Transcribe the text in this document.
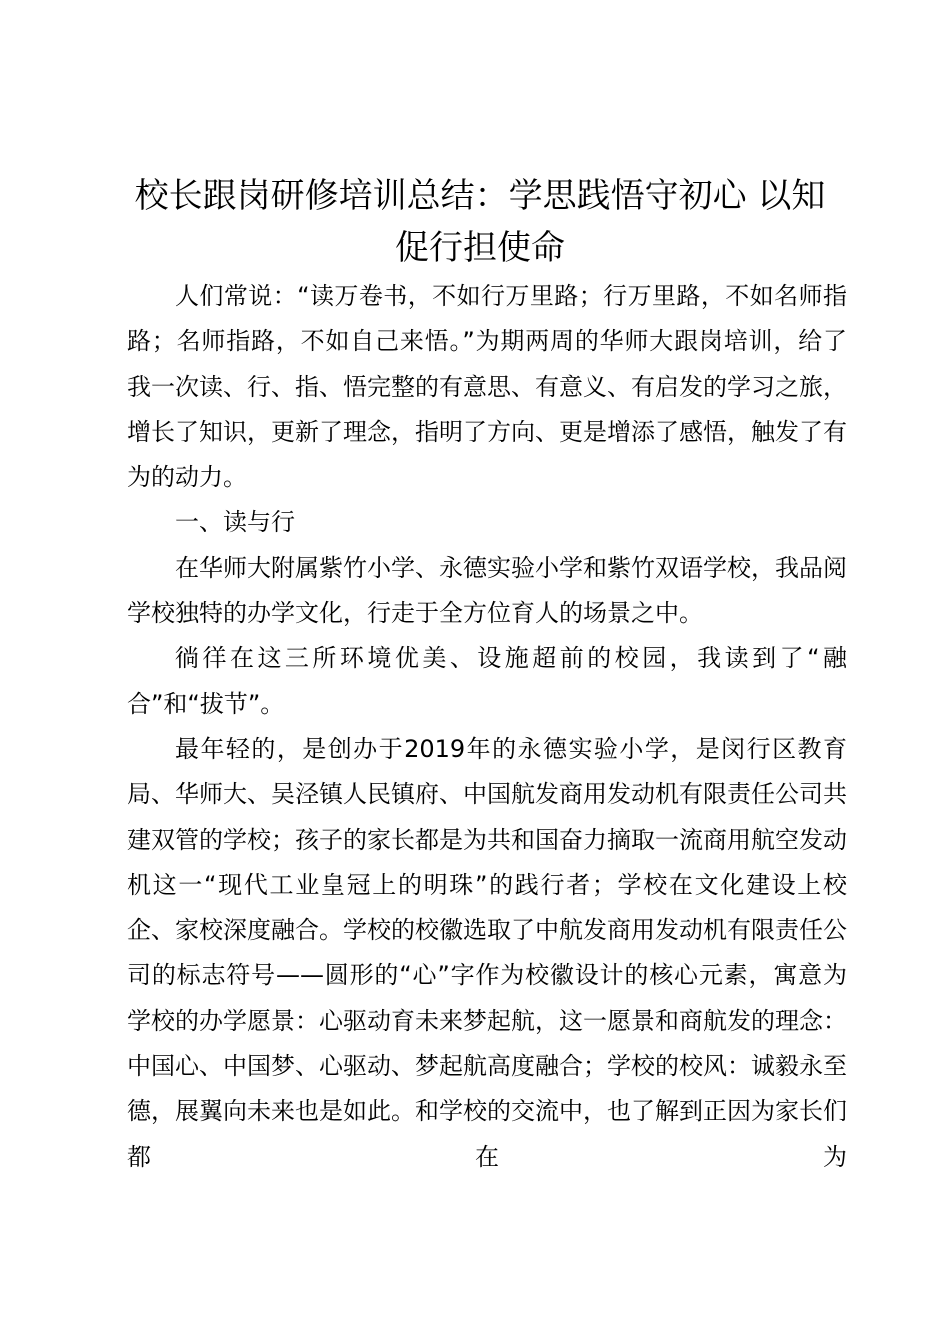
校长跟岗研修培训总结：学思践悟守初心 以知促行担使命

人们常说：“读万卷书，不如行万里路；行万里路，不如名师指路；名师指路，不如自己来悟。”为期两周的华师大跟岗培训，给了我一次读、行、指、悟完整的有意思、有意义、有启发的学习之旅，增长了知识，更新了理念，指明了方向、更是增添了感悟，触发了有为的动力。

一、读与行

在华师大附属紫竹小学、永德实验小学和紫竹双语学校，我品阅学校独特的办学文化，行走于全方位育人的场景之中。

徜徉在这三所环境优美、设施超前的校园，我读到了“融合”和“拔节”。

最年轻的，是创办于2019年的永德实验小学，是闵行区教育局、华师大、吴泾镇人民镇府、中国航发商用发动机有限责任公司共建双管的学校；孩子的家长都是为共和国奋力摘取一流商用航空发动机这一“现代工业皇冠上的明珠”的践行者；学校在文化建设上校企、家校深度融合。学校的校徽选取了中航发商用发动机有限责任公司的标志符号——圆形的“心”字作为校徽设计的核心元素，寓意为学校的办学愿景：心驱动育未来梦起航，这一愿景和商航发的理念：中国心、中国梦、心驱动、梦起航高度融合；学校的校风：诚毅永至德，展翼向未来也是如此。和学校的交流中，也了解到正因为家长们都在为
